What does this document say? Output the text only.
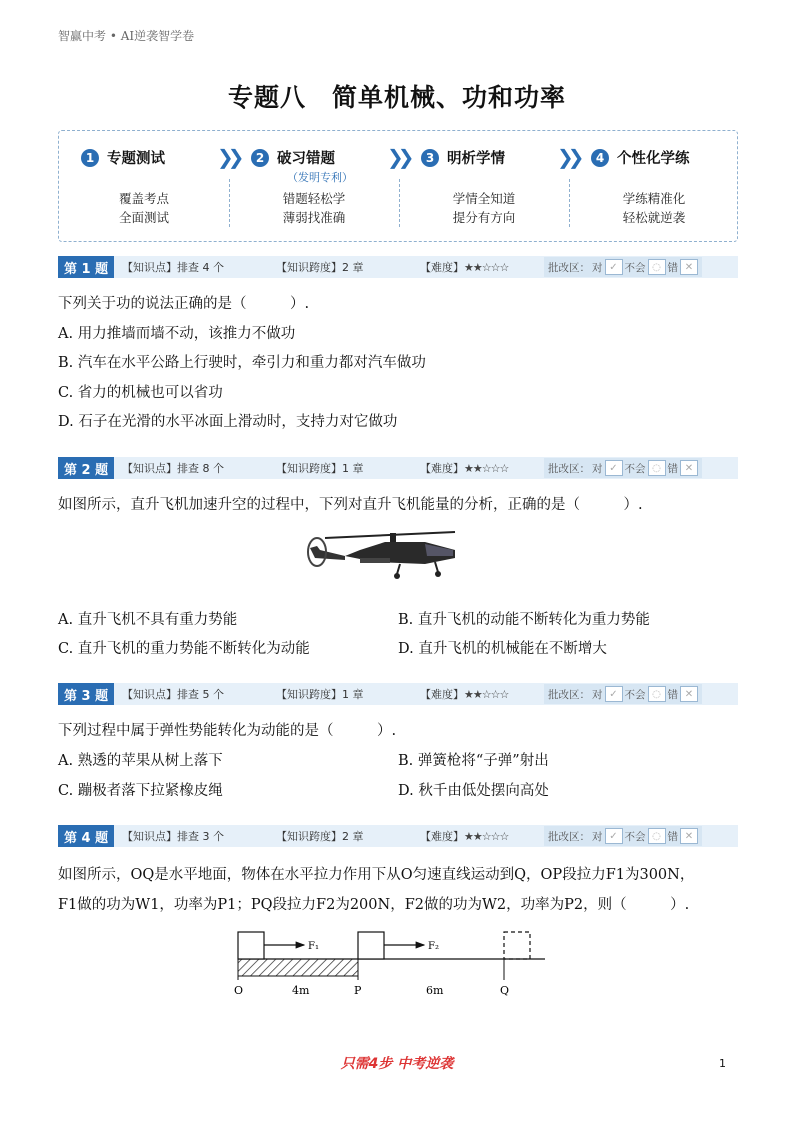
智赢中考 • AI逆袭智学卷
专题八　简单机械、功和功率
1 专题测试
覆盖考点
全面测试
❯❯	2 破习错题
（发明专利）
错题轻松学
薄弱找准确
❯❯	3 明析学情
学情全知道
提分有方向
❯❯	4 个性化学练
学练精准化
轻松就逆袭
第 1 题	【知识点】排查 4 个	【知识跨度】2 章	【难度】★★☆☆☆	批改区： 对 ✓ 不会 ◌ 错 ✕
下列关于功的说法正确的是（　　　）.
A. 用力推墙而墙不动，该推力不做功
B. 汽车在水平公路上行驶时，牵引力和重力都对汽车做功
C. 省力的机械也可以省功
D. 石子在光滑的水平冰面上滑动时，支持力对它做功
第 2 题	【知识点】排查 8 个	【知识跨度】1 章	【难度】★★☆☆☆	批改区： 对 ✓ 不会 ◌ 错 ✕
如图所示，直升飞机加速升空的过程中，下列对直升飞机能量的分析，正确的是（　　　）.
A. 直升飞机不具有重力势能	B. 直升飞机的动能不断转化为重力势能
C. 直升飞机的重力势能不断转化为动能	D. 直升飞机的机械能在不断增大
第 3 题	【知识点】排查 5 个	【知识跨度】1 章	【难度】★★☆☆☆	批改区： 对 ✓ 不会 ◌ 错 ✕
下列过程中属于弹性势能转化为动能的是（　　　）.
A. 熟透的苹果从树上落下	B. 弹簧枪将“子弹”射出
C. 蹦极者落下拉紧橡皮绳	D. 秋千由低处摆向高处
第 4 题	【知识点】排查 3 个	【知识跨度】2 章	【难度】★★☆☆☆	批改区： 对 ✓ 不会 ◌ 错 ✕
如图所示，OQ是水平地面，物体在水平拉力作用下从O匀速直线运动到Q，OP段拉力F1为300N，
F1做的功为W1，功率为P1；PQ段拉力F2为200N，F2做的功为W2，功率为P2，则（　　　）.
F₁	F₂
O	4m	P	6m	Q
只需4步 中考逆袭	1
